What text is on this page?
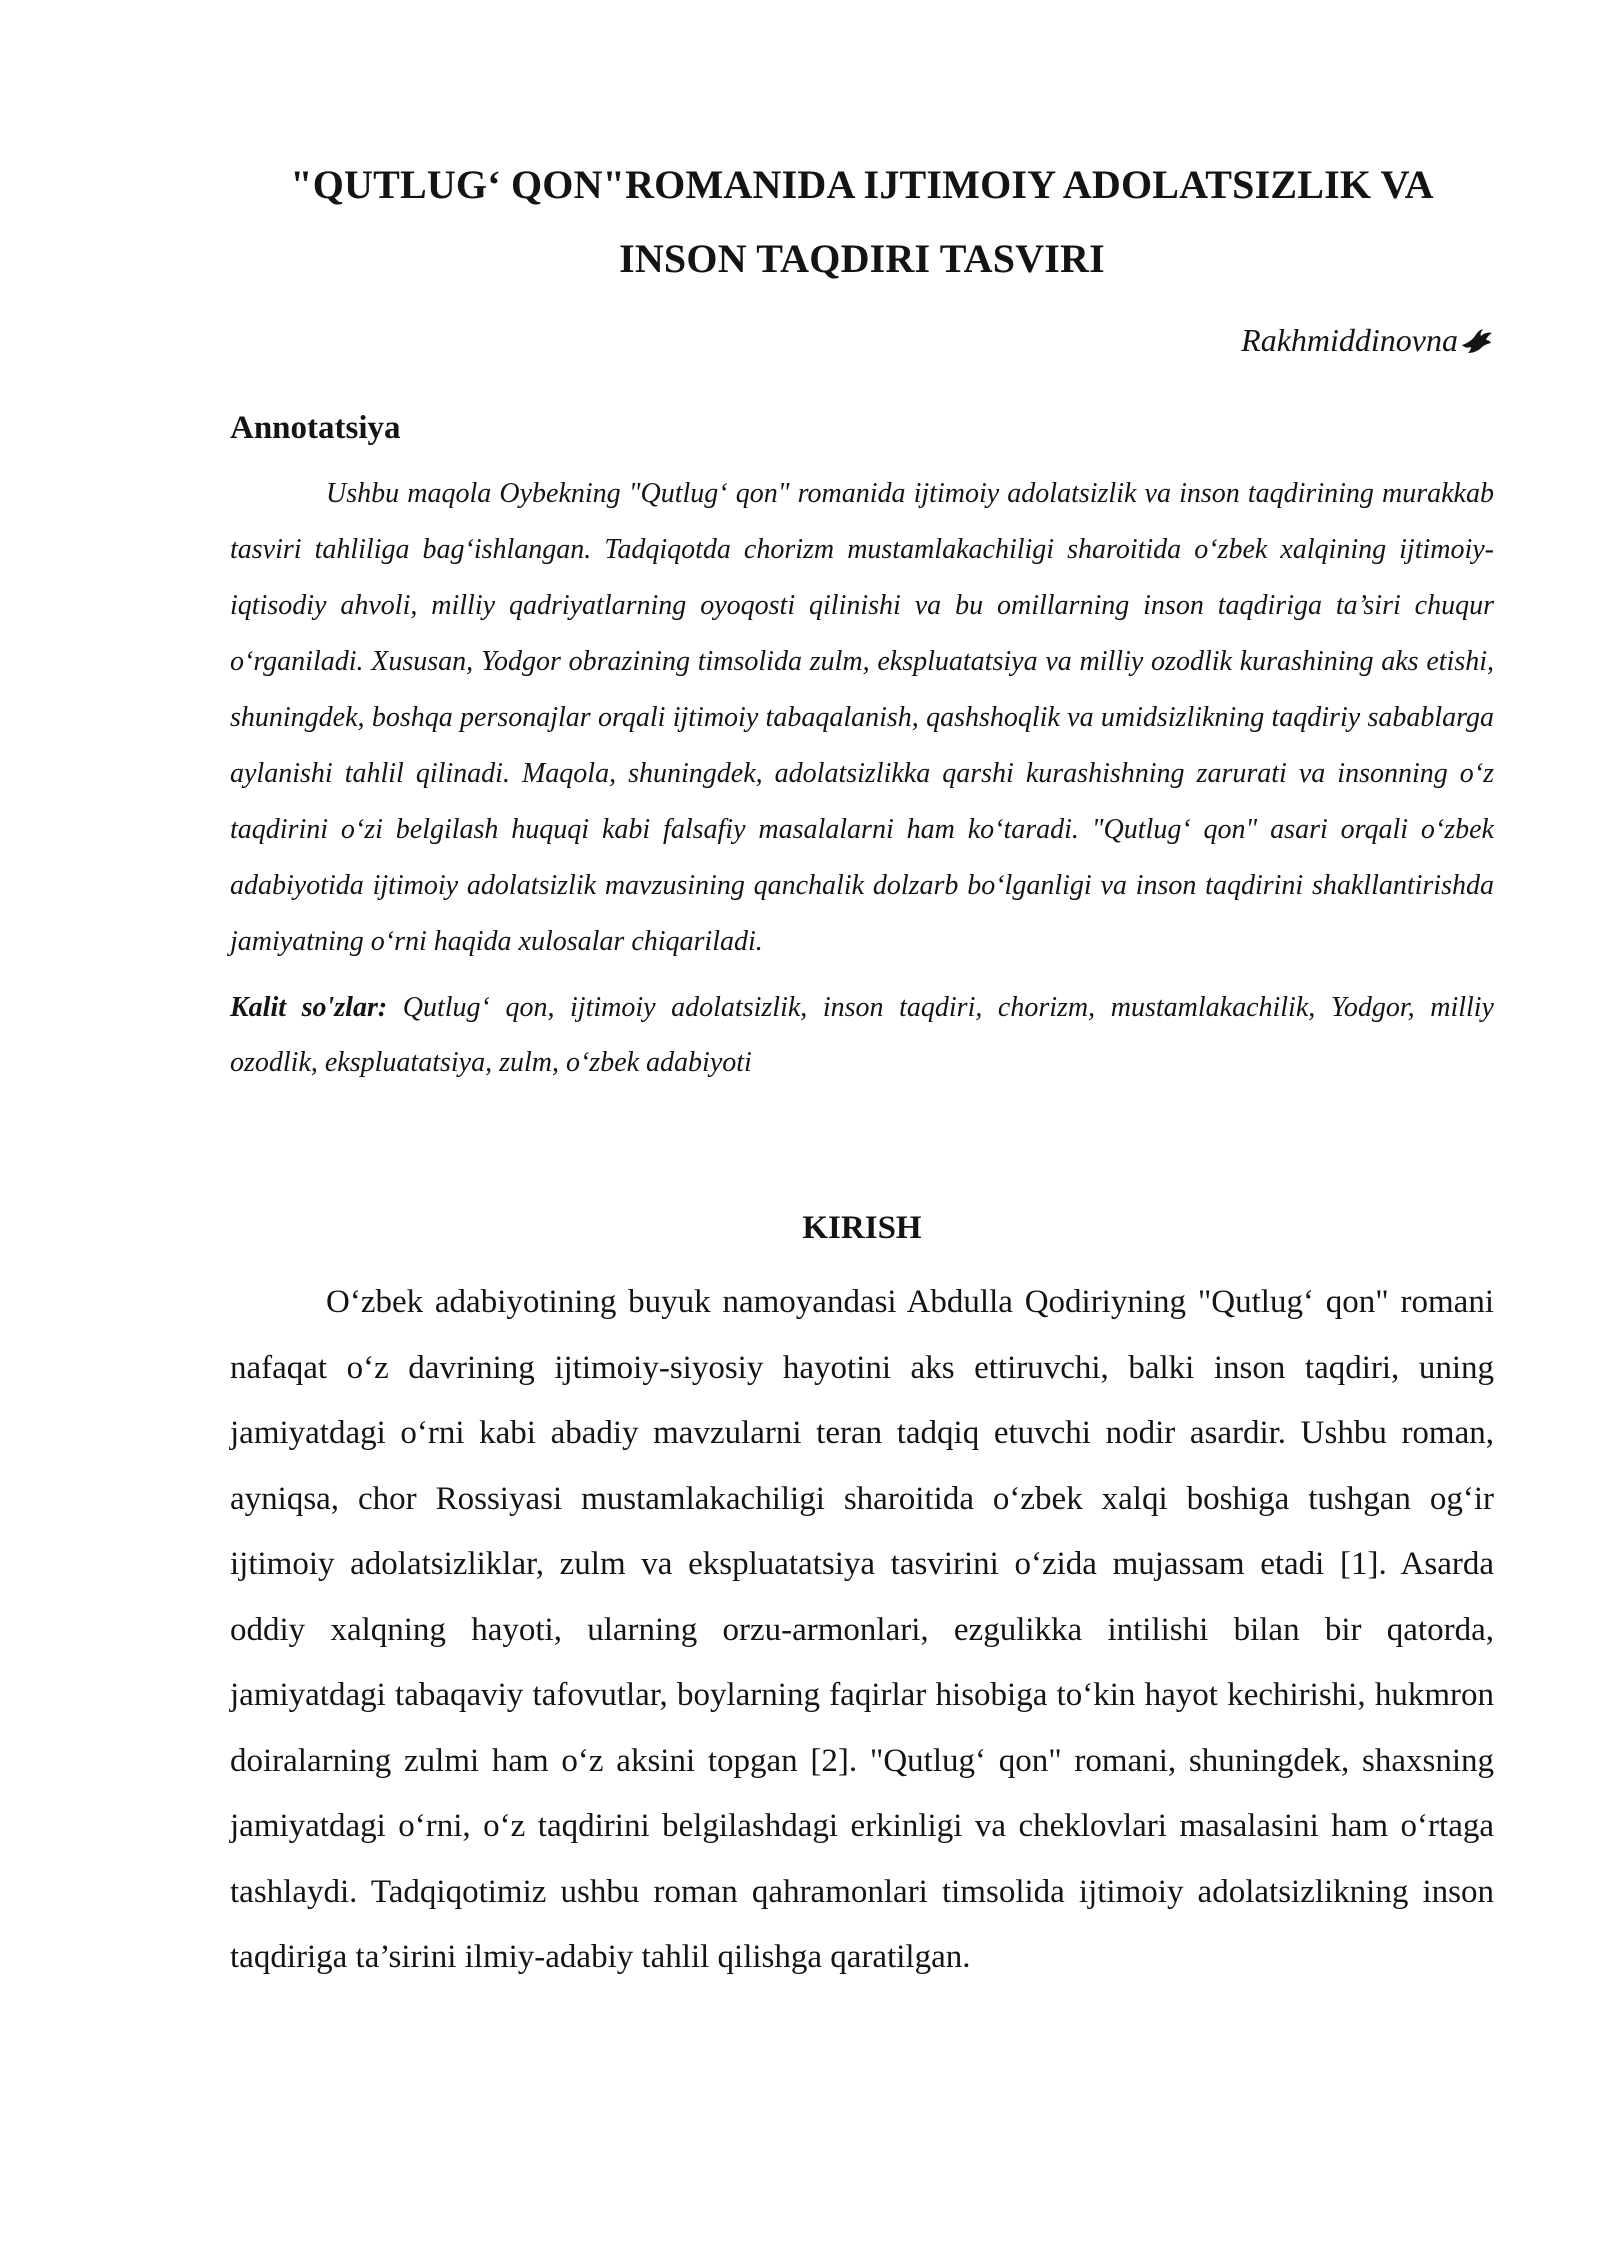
"QUTLUG‘ QON"ROMANIDA IJTIMOIY ADOLATSIZLIK VA INSON TAQDIRI TASVIRI
Rakhmiddinovna
Annotatsiya

Ushbu maqola Oybekning "Qutlug‘ qon" romanida ijtimoiy adolatsizlik va inson taqdirining murakkab tasviri tahliliga bag‘ishlangan. Tadqiqotda chorizm mustamlakachiligi sharoitida o‘zbek xalqining ijtimoiy-iqtisodiy ahvoli, milliy qadriyatlarning oyoqosti qilinishi va bu omillarning inson taqdiriga ta’siri chuqur o‘rganiladi. Xususan, Yodgor obrazining timsolida zulm, ekspluatatsiya va milliy ozodlik kurashining aks etishi, shuningdek, boshqa personajlar orqali ijtimoiy tabaqalanish, qashshoqlik va umidsizlikning taqdiriy sabablarga aylanishi tahlil qilinadi. Maqola, shuningdek, adolatsizlikka qarshi kurashishning zarurati va insonning o‘z taqdirini o‘zi belgilash huquqi kabi falsafiy masalalarni ham ko‘taradi. "Qutlug‘ qon" asari orqali o‘zbek adabiyotida ijtimoiy adolatsizlik mavzusining qanchalik dolzarb bo‘lganligi va inson taqdirini shakllantirishda jamiyatning o‘rni haqida xulosalar chiqariladi.

Kalit so'zlar: Qutlug‘ qon, ijtimoiy adolatsizlik, inson taqdiri, chorizm, mustamlakachilik, Yodgor, milliy ozodlik, ekspluatatsiya, zulm, o‘zbek adabiyoti

KIRISH

O‘zbek adabiyotining buyuk namoyandasi Abdulla Qodiriyning "Qutlug‘ qon" romani nafaqat o‘z davrining ijtimoiy-siyosiy hayotini aks ettiruvchi, balki inson taqdiri, uning jamiyatdagi o‘rni kabi abadiy mavzularni teran tadqiq etuvchi nodir asardir. Ushbu roman, ayniqsa, chor Rossiyasi mustamlakachiligi sharoitida o‘zbek xalqi boshiga tushgan og‘ir ijtimoiy adolatsizliklar, zulm va ekspluatatsiya tasvirini o‘zida mujassam etadi [1]. Asarda oddiy xalqning hayoti, ularning orzu-armonlari, ezgulikka intilishi bilan bir qatorda, jamiyatdagi tabaqaviy tafovutlar, boylarning faqirlar hisobiga to‘kin hayot kechirishi, hukmron doiralarning zulmi ham o‘z aksini topgan [2]. "Qutlug‘ qon" romani, shuningdek, shaxsning jamiyatdagi o‘rni, o‘z taqdirini belgilashdagi erkinligi va cheklovlari masalasini ham o‘rtaga tashlaydi. Tadqiqotimiz ushbu roman qahramonlari timsolida ijtimoiy adolatsizlikning inson taqdiriga ta’sirini ilmiy-adabiy tahlil qilishga qaratilgan.
